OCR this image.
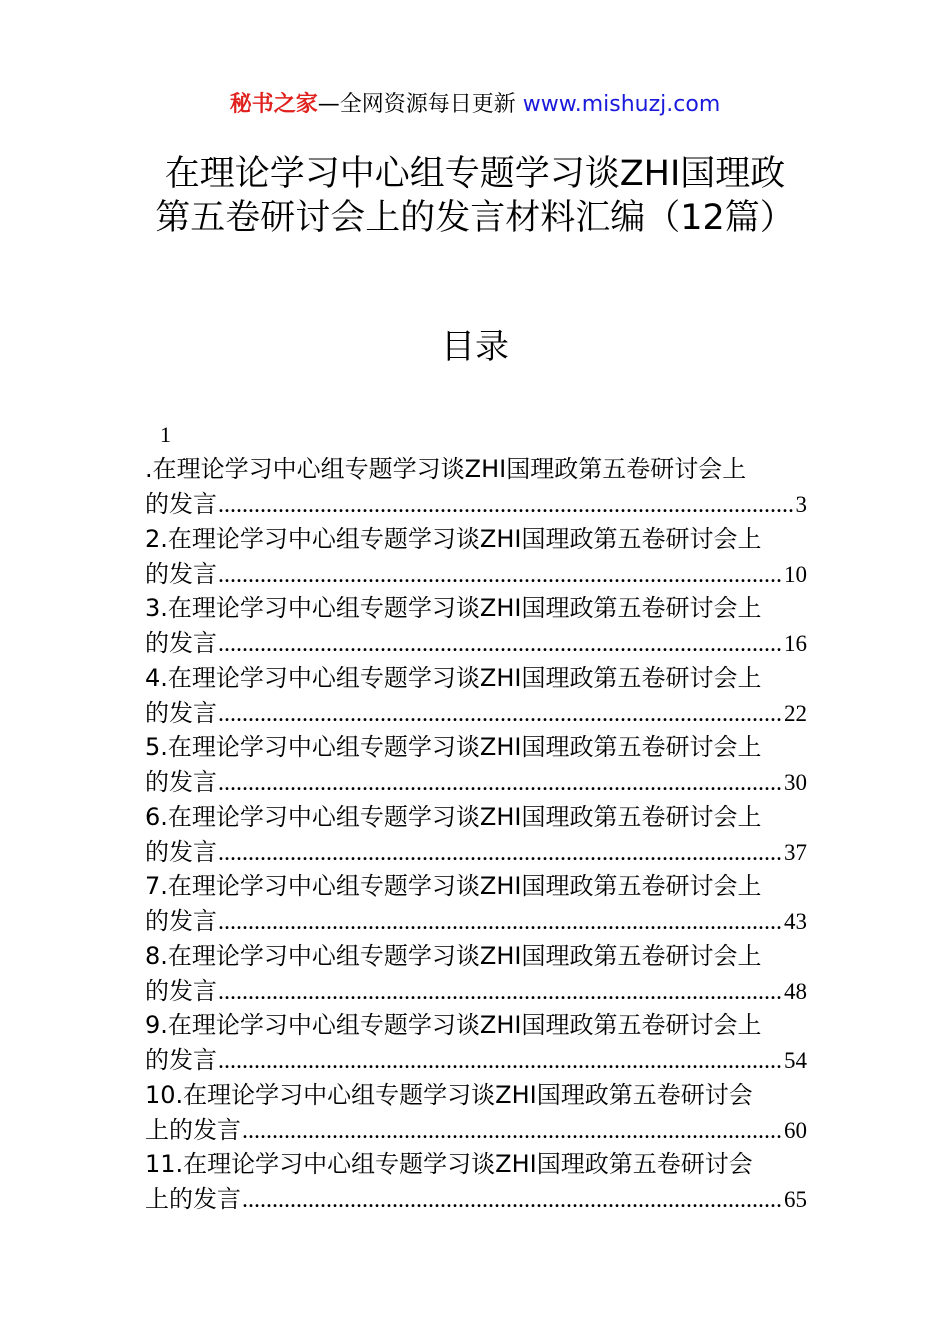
秘书之家—全网资源每日更新 www.mishuzj.com
在理论学习中心组专题学习谈ZHI国理政
第五卷研讨会上的发言材料汇编（12篇）
目录
1
.在理论学习中心组专题学习谈ZHI国理政第五卷研讨会上
的发言 .....	3
2.在理论学习中心组专题学习谈ZHI国理政第五卷研讨会上
的发言 .....	10
3.在理论学习中心组专题学习谈ZHI国理政第五卷研讨会上
的发言 .....	16
4.在理论学习中心组专题学习谈ZHI国理政第五卷研讨会上
的发言 .....	22
5.在理论学习中心组专题学习谈ZHI国理政第五卷研讨会上
的发言 .....	30
6.在理论学习中心组专题学习谈ZHI国理政第五卷研讨会上
的发言 .....	37
7.在理论学习中心组专题学习谈ZHI国理政第五卷研讨会上
的发言 .....	43
8.在理论学习中心组专题学习谈ZHI国理政第五卷研讨会上
的发言 .....	48
9.在理论学习中心组专题学习谈ZHI国理政第五卷研讨会上
的发言 .....	54
10.在理论学习中心组专题学习谈ZHI国理政第五卷研讨会
上的发言 .....	60
11.在理论学习中心组专题学习谈ZHI国理政第五卷研讨会
上的发言 .....	65
